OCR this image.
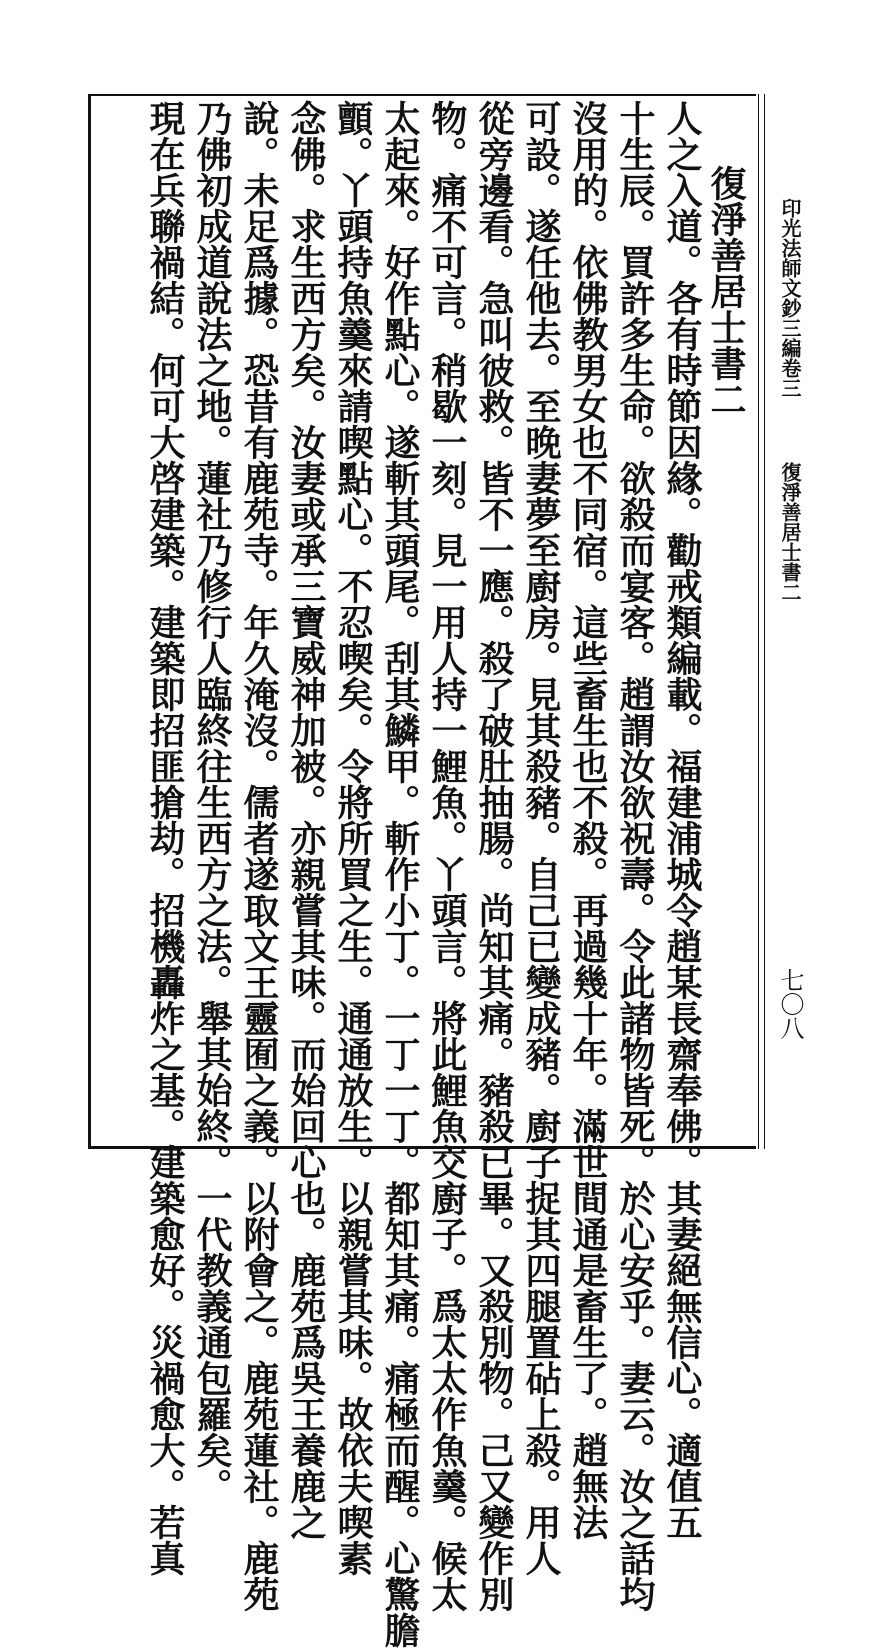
印光法師文鈔三編卷三
復淨善居士書二
七〇八
復淨善居士書二
人之入道。各有時節因緣。勸戒類編載。福建浦城令趙某長齋奉佛。其妻絕無信心。適值五
十生辰。買許多生命。欲殺而宴客。趙謂汝欲祝壽。令此諸物皆死。於心安乎。妻云。汝之話均
沒用的。依佛教男女也不同宿。這些畜生也不殺。再過幾十年。滿世間通是畜生了。趙無法
可設。遂任他去。至晚妻夢至廚房。見其殺豬。自己已變成豬。廚子捉其四腿置砧上殺。用人
從旁邊看。急叫彼救。皆不一應。殺了破肚抽腸。尚知其痛。豬殺已畢。又殺別物。己又變作別
物。痛不可言。稍歇一刻。見一用人持一鯉魚。丫頭言。將此鯉魚交廚子。爲太太作魚羹。候太
太起來。好作點心。遂斬其頭尾。刮其鱗甲。斬作小丁。一丁一丁。都知其痛。痛極而醒。心驚膽
顫。丫頭持魚羹來請喫點心。不忍喫矣。令將所買之生。通通放生。以親嘗其味。故依夫喫素
念佛。求生西方矣。汝妻或承三寶威神加被。亦親嘗其味。而始回心也。鹿苑爲吳王養鹿之
說。未足爲據。恐昔有鹿苑寺。年久淹沒。儒者遂取文王靈囿之義。以附會之。鹿苑蓮社。鹿苑
乃佛初成道說法之地。蓮社乃修行人臨終往生西方之法。舉其始終。一代教義通包羅矣。
現在兵聯禍結。何可大啓建築。建築即招匪搶劫。招機轟炸之基。建築愈好。災禍愈大。若真
